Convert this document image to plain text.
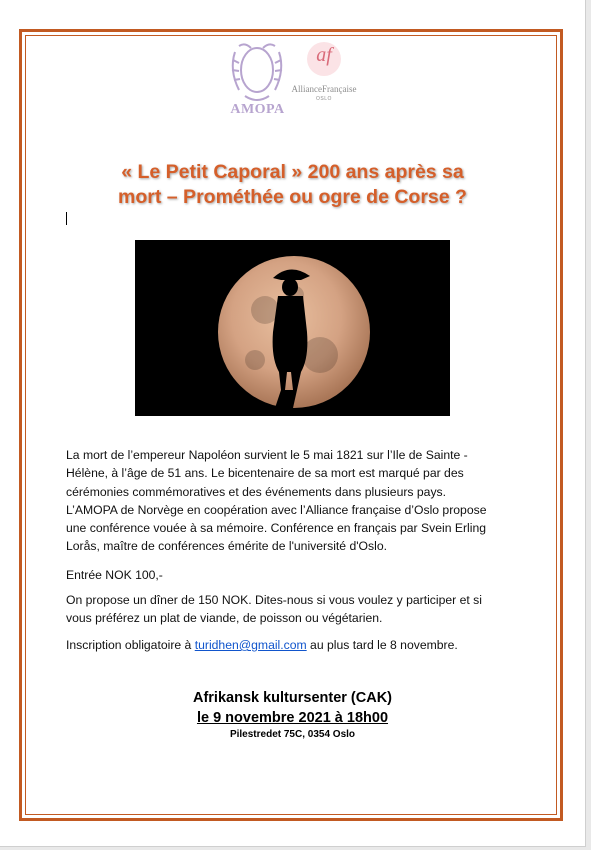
AMOPA
af
AllianceFrançaise
OSLO
« Le Petit Caporal » 200 ans après sa
mort – Prométhée ou ogre de Corse ?
La mort de l’empereur Napoléon survient le 5 mai 1821 sur l’Ile de Sainte -
Hélène, à l’âge de 51 ans. Le bicentenaire de sa mort est marqué par des
cérémonies commémoratives et des événements dans plusieurs pays.
L’AMOPA de Norvège en coopération avec l’Alliance française d’Oslo propose
une conférence vouée à sa mémoire. Conférence en français par Svein Erling
Lorås, maître de conférences émérite de l'université d'Oslo.
Entrée NOK 100,-
On propose un dîner de 150 NOK. Dites-nous si vous voulez y participer et si
vous préférez un plat de viande, de poisson ou végétarien.
Inscription obligatoire à turidhen@gmail.com au plus tard le 8 novembre.
Afrikansk kultursenter (CAK)
le 9 novembre 2021 à 18h00
Pilestredet 75C, 0354 Oslo
